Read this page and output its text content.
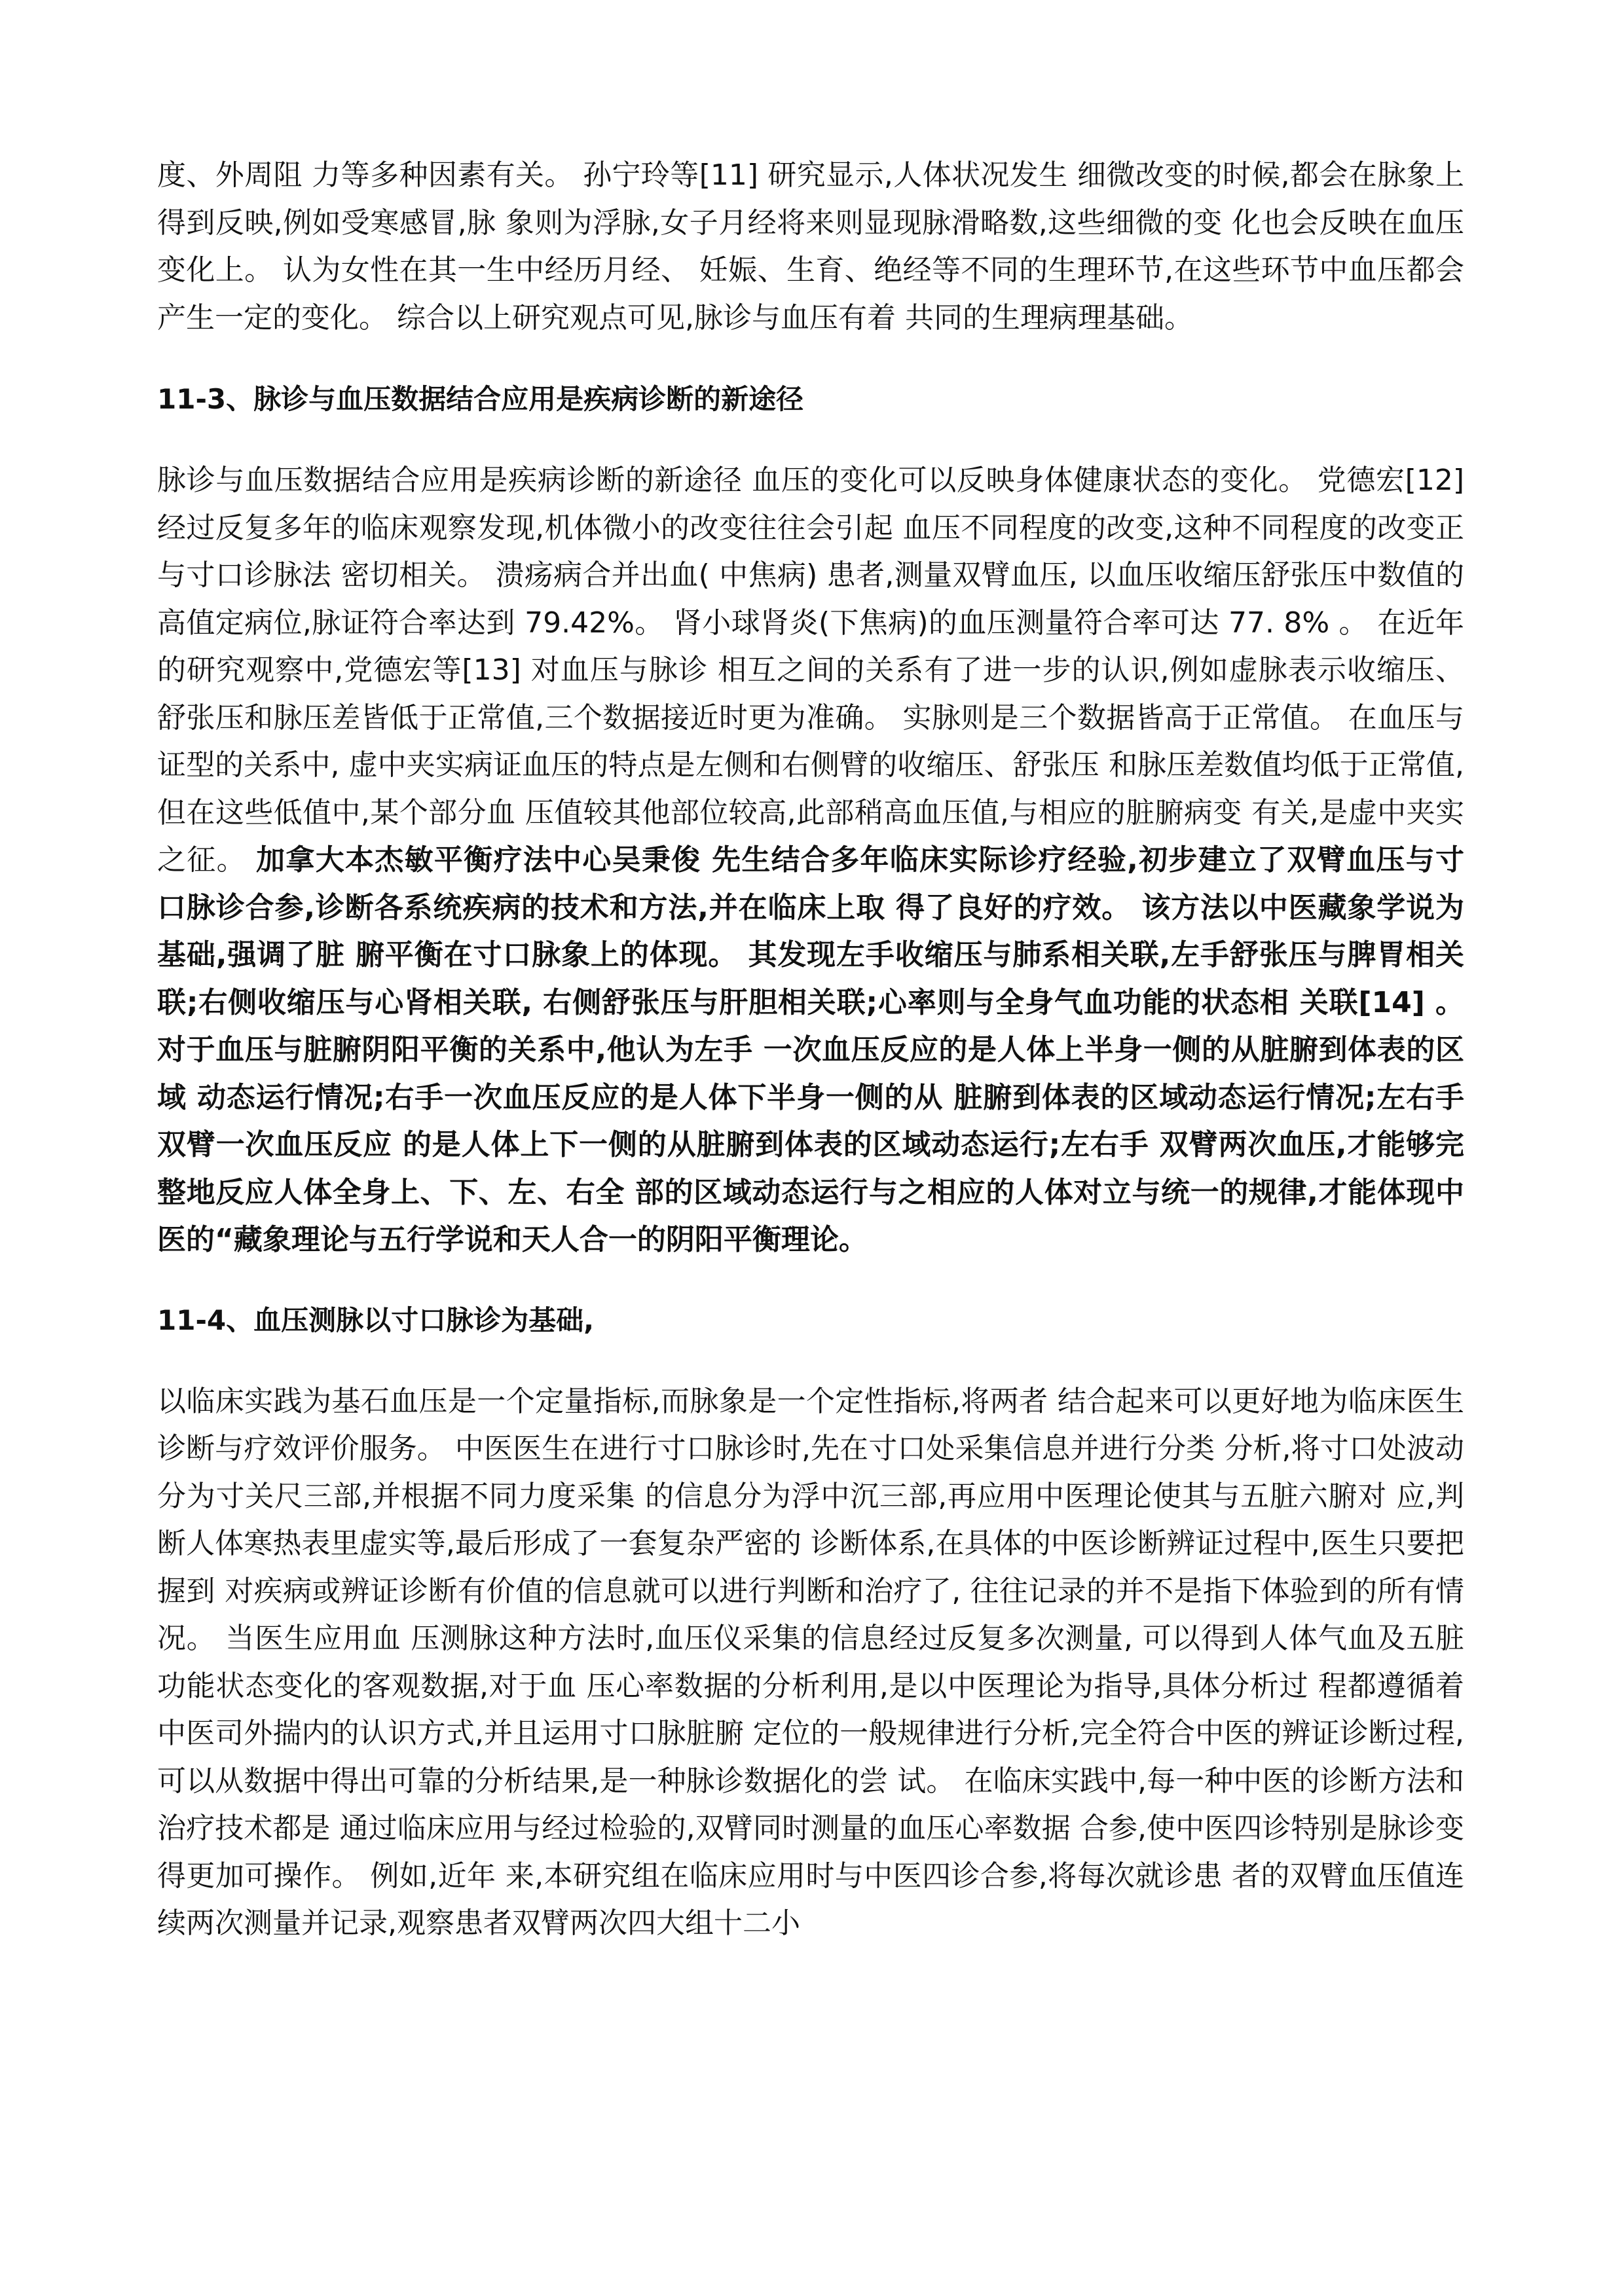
度、外周阻 力等多种因素有关。 孙宁玲等[11] 研究显示,人体状况发生 细微改变的时候,都会在脉象上得到反映,例如受寒感冒,脉 象则为浮脉,女子月经将来则显现脉滑略数,这些细微的变 化也会反映在血压变化上。 认为女性在其一生中经历月经、 妊娠、生育、绝经等不同的生理环节,在这些环节中血压都会 产生一定的变化。 综合以上研究观点可见,脉诊与血压有着 共同的生理病理基础。

11-3、脉诊与血压数据结合应用是疾病诊断的新途径

脉诊与血压数据结合应用是疾病诊断的新途径 血压的变化可以反映身体健康状态的变化。 党德宏[12]经过反复多年的临床观察发现,机体微小的改变往往会引起 血压不同程度的改变,这种不同程度的改变正与寸口诊脉法 密切相关。 溃疡病合并出血( 中焦病) 患者,测量双臂血压, 以血压收缩压舒张压中数值的高值定病位,脉证符合率达到 79.42%。 肾小球肾炎(下焦病)的血压测量符合率可达 77. 8% 。 在近年的研究观察中,党德宏等[13] 对血压与脉诊 相互之间的关系有了进一步的认识,例如虚脉表示收缩压、 舒张压和脉压差皆低于正常值,三个数据接近时更为准确。 实脉则是三个数据皆高于正常值。 在血压与证型的关系中, 虚中夹实病证血压的特点是左侧和右侧臂的收缩压、舒张压 和脉压差数值均低于正常值,但在这些低值中,某个部分血 压值较其他部位较高,此部稍高血压值,与相应的脏腑病变 有关,是虚中夹实之征。 加拿大本杰敏平衡疗法中心吴秉俊 先生结合多年临床实际诊疗经验,初步建立了双臂血压与寸 口脉诊合参,诊断各系统疾病的技术和方法,并在临床上取 得了良好的疗效。 该方法以中医藏象学说为基础,强调了脏 腑平衡在寸口脉象上的体现。 其发现左手收缩压与肺系相关联,左手舒张压与脾胃相关联;右侧收缩压与心肾相关联, 右侧舒张压与肝胆相关联;心率则与全身气血功能的状态相 关联[14] 。 对于血压与脏腑阴阳平衡的关系中,他认为左手 一次血压反应的是人体上半身一侧的从脏腑到体表的区域 动态运行情况;右手一次血压反应的是人体下半身一侧的从 脏腑到体表的区域动态运行情况;左右手双臂一次血压反应 的是人体上下一侧的从脏腑到体表的区域动态运行;左右手 双臂两次血压,才能够完整地反应人体全身上、下、左、右全 部的区域动态运行与之相应的人体对立与统一的规律,才能体现中医的“藏象理论与五行学说和天人合一的阴阳平衡理论。

11-4、血压测脉以寸口脉诊为基础,

以临床实践为基石血压是一个定量指标,而脉象是一个定性指标,将两者 结合起来可以更好地为临床医生诊断与疗效评价服务。 中医医生在进行寸口脉诊时,先在寸口处采集信息并进行分类 分析,将寸口处波动分为寸关尺三部,并根据不同力度采集 的信息分为浮中沉三部,再应用中医理论使其与五脏六腑对 应,判断人体寒热表里虚实等,最后形成了一套复杂严密的 诊断体系,在具体的中医诊断辨证过程中,医生只要把握到 对疾病或辨证诊断有价值的信息就可以进行判断和治疗了, 往往记录的并不是指下体验到的所有情况。 当医生应用血 压测脉这种方法时,血压仪采集的信息经过反复多次测量, 可以得到人体气血及五脏功能状态变化的客观数据,对于血 压心率数据的分析利用,是以中医理论为指导,具体分析过 程都遵循着中医司外揣内的认识方式,并且运用寸口脉脏腑 定位的一般规律进行分析,完全符合中医的辨证诊断过程, 可以从数据中得出可靠的分析结果,是一种脉诊数据化的尝 试。 在临床实践中,每一种中医的诊断方法和治疗技术都是 通过临床应用与经过检验的,双臂同时测量的血压心率数据 合参,使中医四诊特别是脉诊变得更加可操作。 例如,近年 来,本研究组在临床应用时与中医四诊合参,将每次就诊患 者的双臂血压值连续两次测量并记录,观察患者双臂两次四大组十二小
